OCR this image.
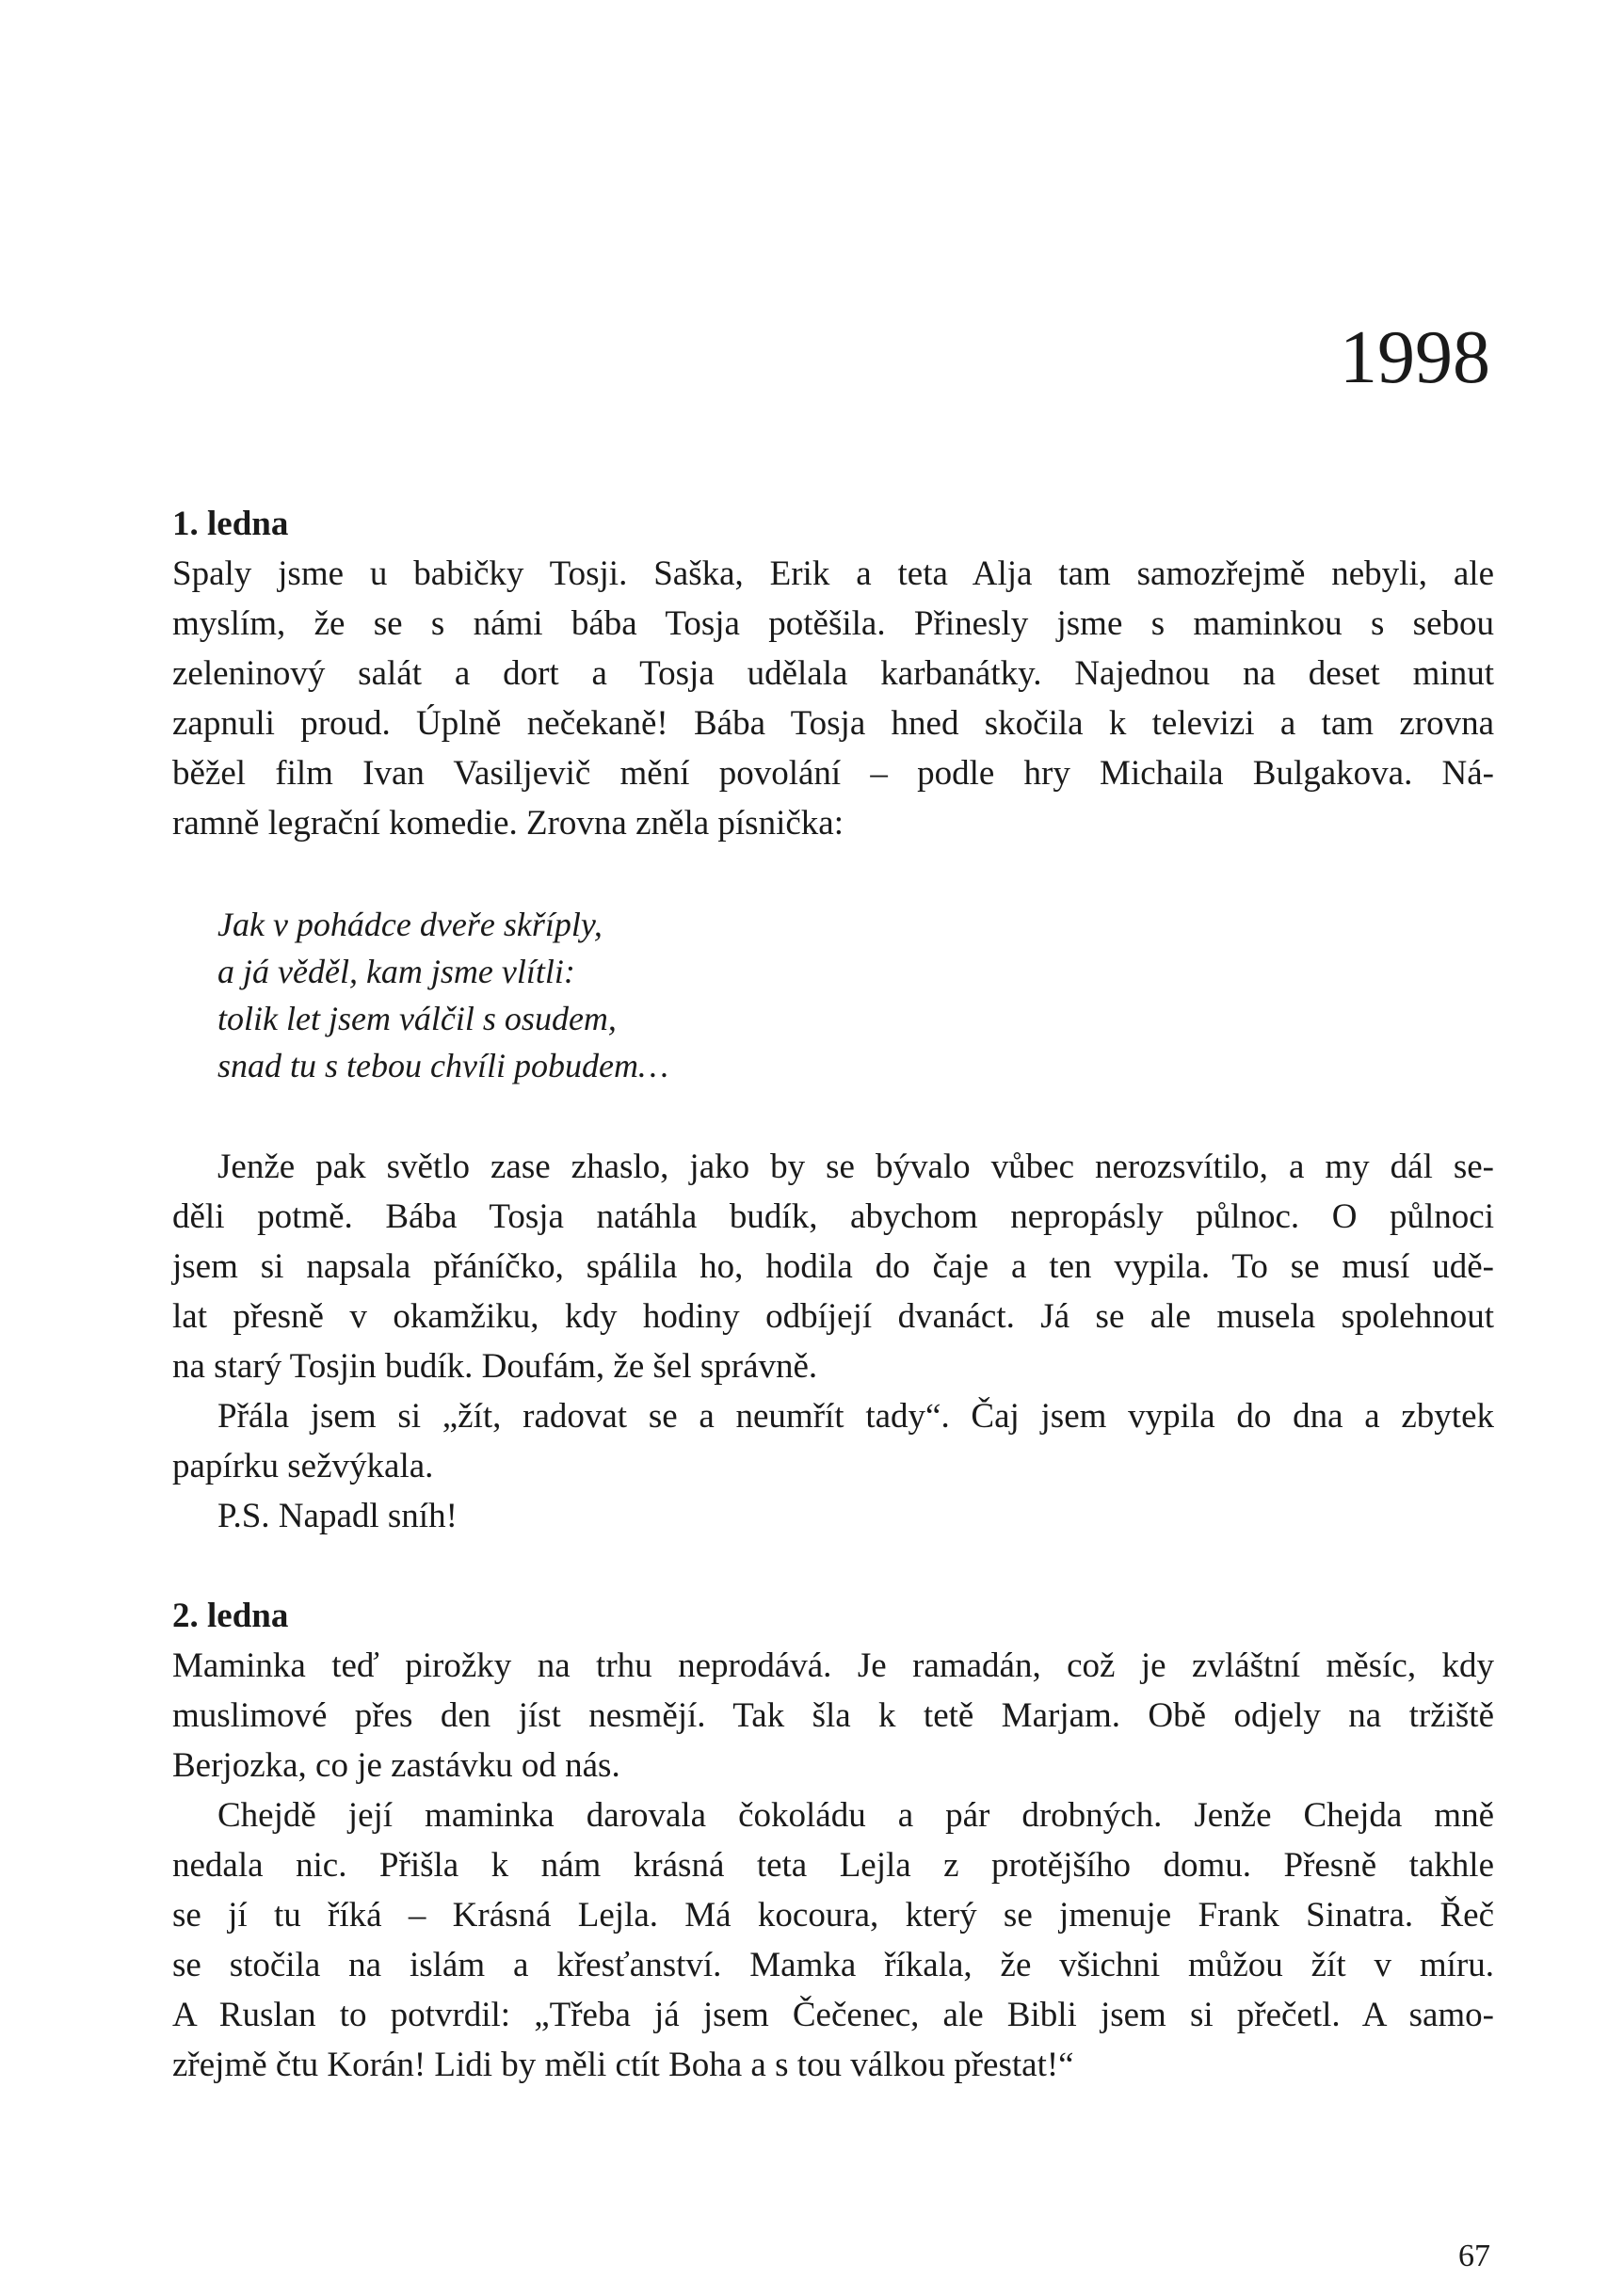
1998
1. ledna
Spaly jsme u babičky Tosji. Saška, Erik a teta Alja tam samozřejmě nebyli, ale
myslím, že se s námi bába Tosja potěšila. Přinesly jsme s maminkou s sebou
zeleninový salát a dort a Tosja udělala karbanátky. Najednou na deset minut
zapnuli proud. Úplně nečekaně! Bába Tosja hned skočila k televizi a tam zrovna
běžel film Ivan Vasiljevič mění povolání – podle hry Michaila Bulgakova. Ná-
ramně legrační komedie. Zrovna zněla písnička:
Jak v pohádce dveře skříply,
a já věděl, kam jsme vlítli:
tolik let jsem válčil s osudem,
snad tu s tebou chvíli pobudem…
Jenže pak světlo zase zhaslo, jako by se bývalo vůbec nerozsvítilo, a my dál se-
děli potmě. Bába Tosja natáhla budík, abychom nepropásly půlnoc. O půlnoci
jsem si napsala přáníčko, spálila ho, hodila do čaje a ten vypila. To se musí udě-
lat přesně v okamžiku, kdy hodiny odbíjejí dvanáct. Já se ale musela spolehnout
na starý Tosjin budík. Doufám, že šel správně.
Přála jsem si „žít, radovat se a neumřít tady“. Čaj jsem vypila do dna a zbytek
papírku sežvýkala.
P.S. Napadl sníh!
2. ledna
Maminka teď pirožky na trhu neprodává. Je ramadán, což je zvláštní měsíc, kdy
muslimové přes den jíst nesmějí. Tak šla k tetě Marjam. Obě odjely na tržiště
Berjozka, co je zastávku od nás.
Chejdě její maminka darovala čokoládu a pár drobných. Jenže Chejda mně
nedala nic. Přišla k nám krásná teta Lejla z protějšího domu. Přesně takhle
se jí tu říká – Krásná Lejla. Má kocoura, který se jmenuje Frank Sinatra. Řeč
se stočila na islám a křesťanství. Mamka říkala, že všichni můžou žít v míru.
A Ruslan to potvrdil: „Třeba já jsem Čečenec, ale Bibli jsem si přečetl. A samo-
zřejmě čtu Korán! Lidi by měli ctít Boha a s tou válkou přestat!“
67
